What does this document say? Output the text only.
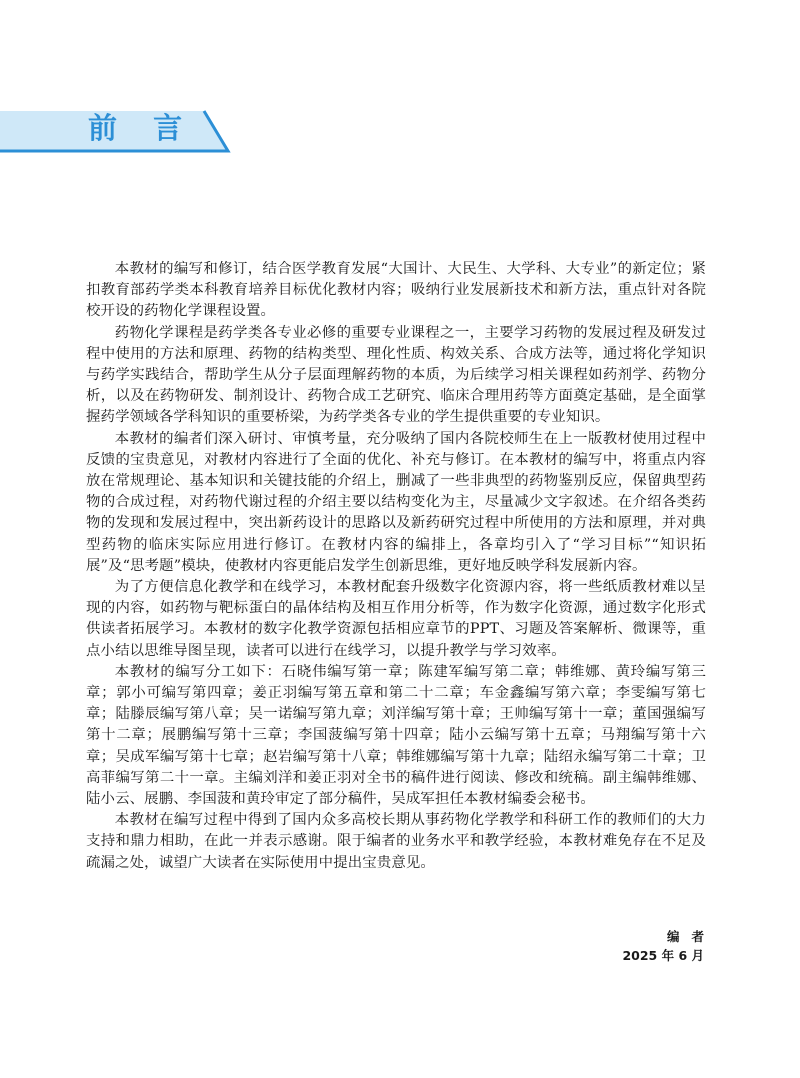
前 言

本教材的编写和修订，结合医学教育发展“大国计、大民生、大学科、大专业”的新定位；紧扣教育部药学类本科教育培养目标优化教材内容；吸纳行业发展新技术和新方法，重点针对各院校开设的药物化学课程设置。

药物化学课程是药学类各专业必修的重要专业课程之一，主要学习药物的发展过程及研发过程中使用的方法和原理、药物的结构类型、理化性质、构效关系、合成方法等，通过将化学知识与药学实践结合，帮助学生从分子层面理解药物的本质，为后续学习相关课程如药剂学、药物分析，以及在药物研发、制剂设计、药物合成工艺研究、临床合理用药等方面奠定基础，是全面掌握药学领域各学科知识的重要桥梁，为药学类各专业的学生提供重要的专业知识。

本教材的编者们深入研讨、审慎考量，充分吸纳了国内各院校师生在上一版教材使用过程中反馈的宝贵意见，对教材内容进行了全面的优化、补充与修订。在本教材的编写中，将重点内容放在常规理论、基本知识和关键技能的介绍上，删减了一些非典型的药物鉴别反应，保留典型药物的合成过程，对药物代谢过程的介绍主要以结构变化为主，尽量减少文字叙述。在介绍各类药物的发现和发展过程中，突出新药设计的思路以及新药研究过程中所使用的方法和原理，并对典型药物的临床实际应用进行修订。在教材内容的编排上，各章均引入了“学习目标”“知识拓展”及“思考题”模块，使教材内容更能启发学生创新思维，更好地反映学科发展新内容。

为了方便信息化教学和在线学习，本教材配套升级数字化资源内容，将一些纸质教材难以呈现的内容，如药物与靶标蛋白的晶体结构及相互作用分析等，作为数字化资源，通过数字化形式供读者拓展学习。本教材的数字化教学资源包括相应章节的PPT、习题及答案解析、微课等，重点小结以思维导图呈现，读者可以进行在线学习，以提升教学与学习效率。

本教材的编写分工如下：石晓伟编写第一章；陈建军编写第二章；韩维娜、黄玲编写第三章；郭小可编写第四章；姜正羽编写第五章和第二十二章；车金鑫编写第六章；李雯编写第七章；陆滕辰编写第八章；吴一诺编写第九章；刘洋编写第十章；王帅编写第十一章；董国强编写第十二章；展鹏编写第十三章；李国菠编写第十四章；陆小云编写第十五章；马翔编写第十六章；吴成军编写第十七章；赵岩编写第十八章；韩维娜编写第十九章；陆绍永编写第二十章；卫高菲编写第二十一章。主编刘洋和姜正羽对全书的稿件进行阅读、修改和统稿。副主编韩维娜、陆小云、展鹏、李国菠和黄玲审定了部分稿件，吴成军担任本教材编委会秘书。

本教材在编写过程中得到了国内众多高校长期从事药物化学教学和科研工作的教师们的大力支持和鼎力相助，在此一并表示感谢。限于编者的业务水平和教学经验，本教材难免存在不足及疏漏之处，诚望广大读者在实际使用中提出宝贵意见。

编者
2025 年 6 月
